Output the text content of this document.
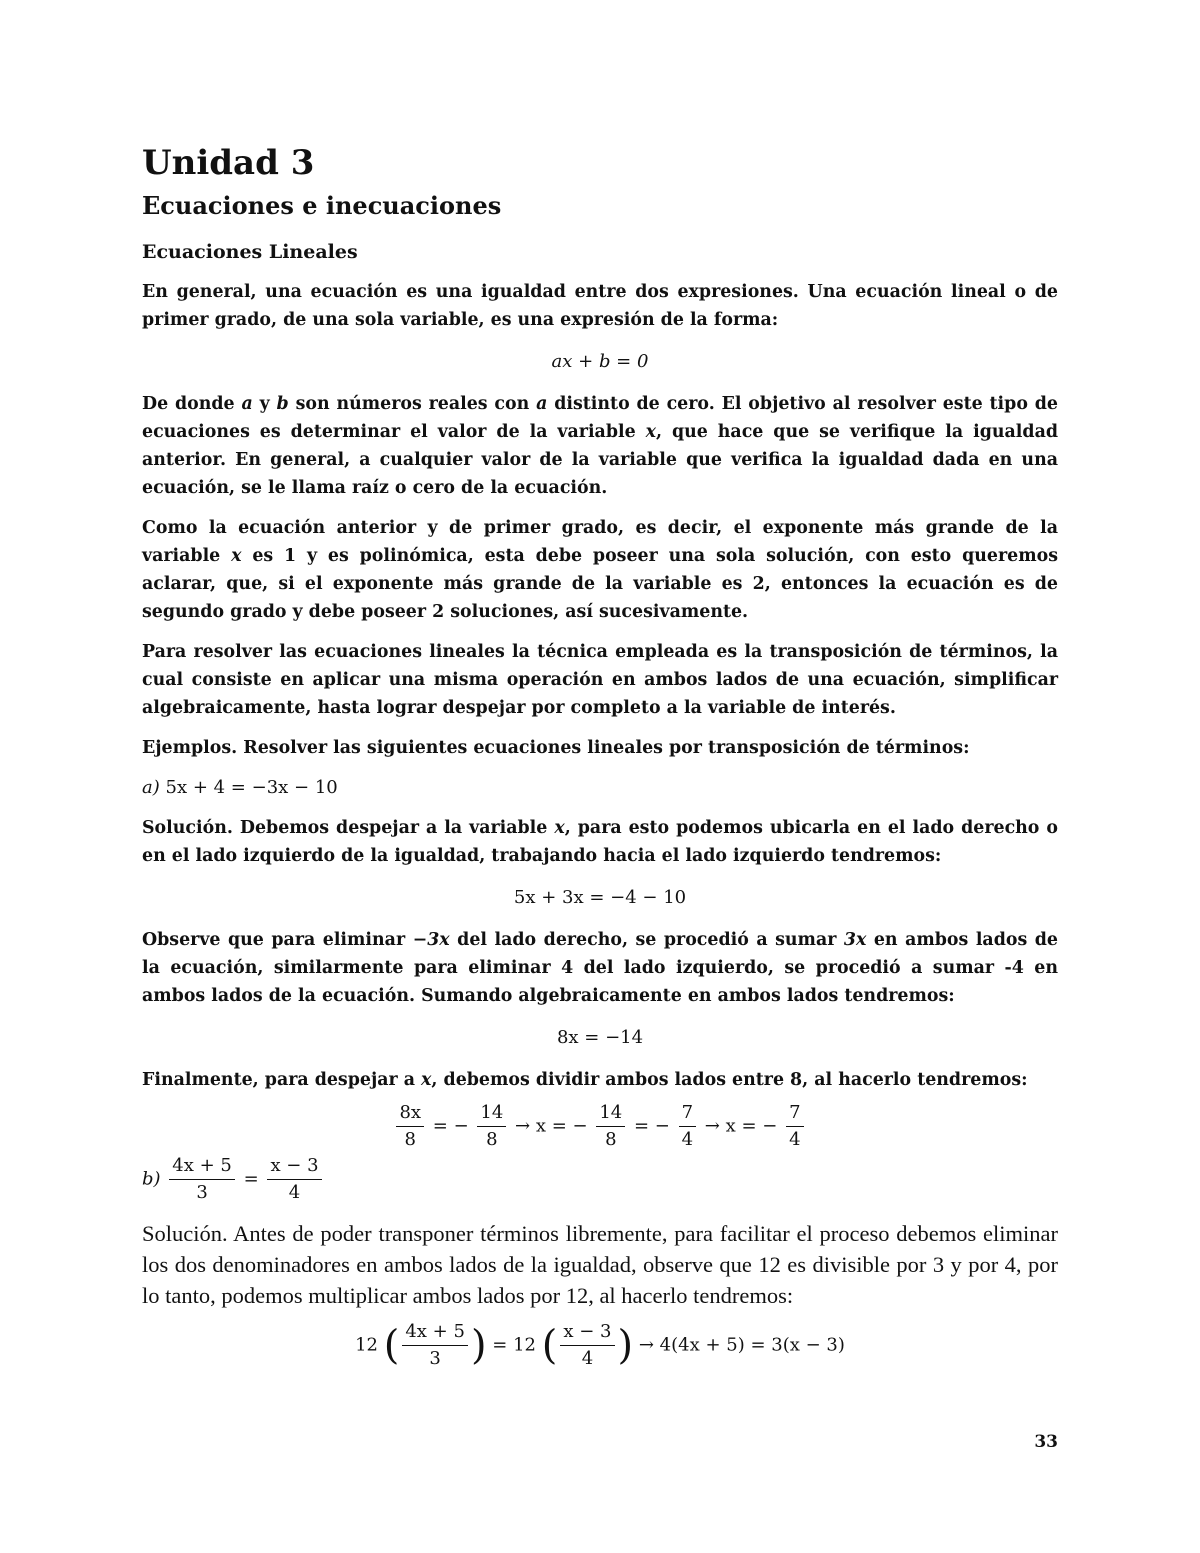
Unidad 3
Ecuaciones e inecuaciones
Ecuaciones Lineales

En general, una ecuación es una igualdad entre dos expresiones. Una ecuación lineal o de primer grado, de una sola variable, es una expresión de la forma:

ax + b = 0

De donde a y b son números reales con a distinto de cero. El objetivo al resolver este tipo de ecuaciones es determinar el valor de la variable x, que hace que se verifique la igualdad anterior. En general, a cualquier valor de la variable que verifica la igualdad dada en una ecuación, se le llama raíz o cero de la ecuación.

Como la ecuación anterior y de primer grado, es decir, el exponente más grande de la variable x es 1 y es polinómica, esta debe poseer una sola solución, con esto queremos aclarar, que, si el exponente más grande de la variable es 2, entonces la ecuación es de segundo grado y debe poseer 2 soluciones, así sucesivamente.

Para resolver las ecuaciones lineales la técnica empleada es la transposición de términos, la cual consiste en aplicar una misma operación en ambos lados de una ecuación, simplificar algebraicamente, hasta lograr despejar por completo a la variable de interés.

Ejemplos. Resolver las siguientes ecuaciones lineales por transposición de términos:

a) 5x + 4 = −3x − 10

Solución. Debemos despejar a la variable x, para esto podemos ubicarla en el lado derecho o en el lado izquierdo de la igualdad, trabajando hacia el lado izquierdo tendremos:

5x + 3x = −4 − 10

Observe que para eliminar −3x del lado derecho, se procedió a sumar 3x en ambos lados de la ecuación, similarmente para eliminar 4 del lado izquierdo, se procedió a sumar -4 en ambos lados de la ecuación. Sumando algebraicamente en ambos lados tendremos:

8x = −14

Finalmente, para despejar a x, debemos dividir ambos lados entre 8, al hacerlo tendremos:

$\frac{8x}{8}$ = − $\frac{14}{8} \to x$ = − $\frac{14}{8}$ = − $\frac{7}{4} \to x$ = − $\frac{7}{4}$
$b) \frac{4x + 5}{3} = \frac{x - 3}{4}$

Solución. Antes de poder transponer términos libremente, para facilitar el proceso debemos eliminar los dos denominadores en ambos lados de la igualdad, observe que 12 es divisible por 3 y por 4, por lo tanto, podemos multiplicar ambos lados por 12, al hacerlo tendremos:

12 ( $\frac{4x + 5}{3}$ ) = 12 ( $\frac{x - 3}{4}$ ) → 4(4x + 5) = 3(x − 3)
33
